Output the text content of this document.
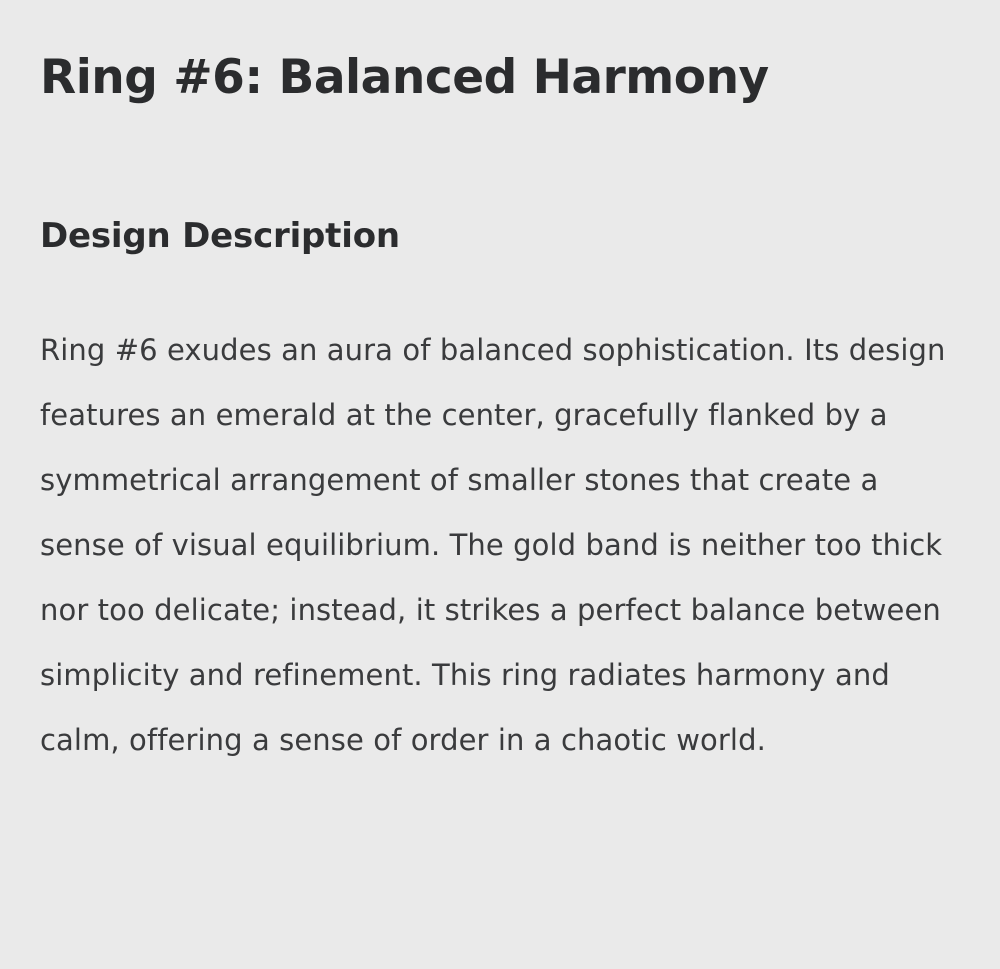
Ring #6: Balanced Harmony
Design Description

Ring #6 exudes an aura of balanced sophistication. Its design features an emerald at the center, gracefully flanked by a symmetrical arrangement of smaller stones that create a sense of visual equilibrium. The gold band is neither too thick nor too delicate; instead, it strikes a perfect balance between simplicity and refinement. This ring radiates harmony and calm, offering a sense of order in a chaotic world.
